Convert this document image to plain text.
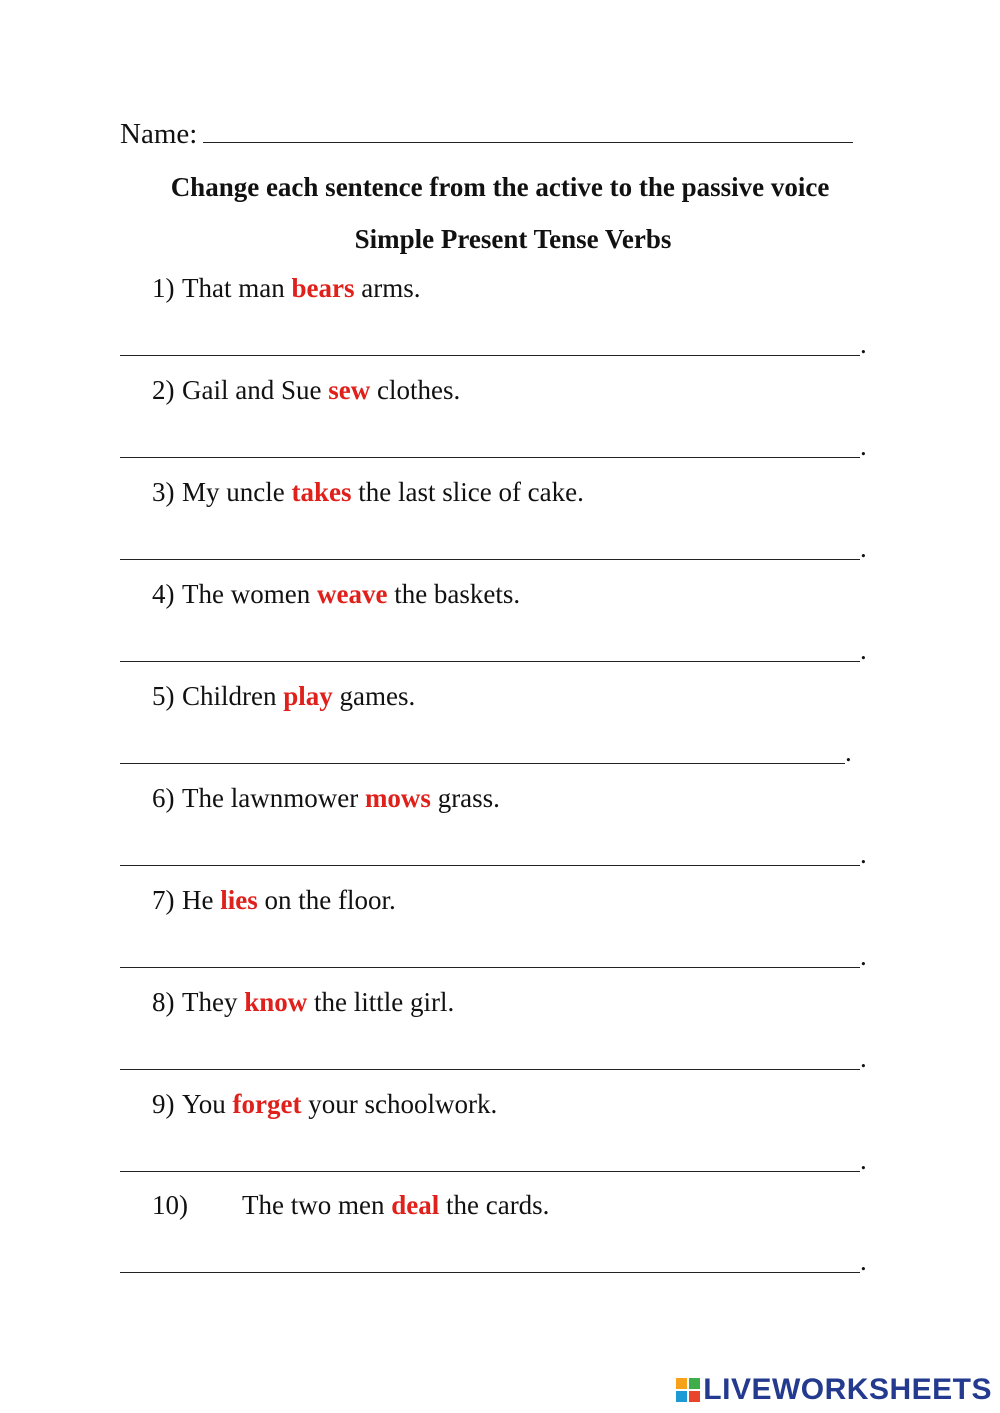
Name:
Change each sentence from the active to the passive voice
Simple Present Tense Verbs
1) That man bears arms.
.
2) Gail and Sue sew clothes.
.
3) My uncle takes the last slice of cake.
.
4) The women weave the baskets.
.
5) Children play games.
.
6) The lawnmower mows grass.
.
7) He lies on the floor.
.
8) They know the little girl.
.
9) You forget your schoolwork.
.
10) The two men deal the cards.
.
LIVEWORKSHEETS
